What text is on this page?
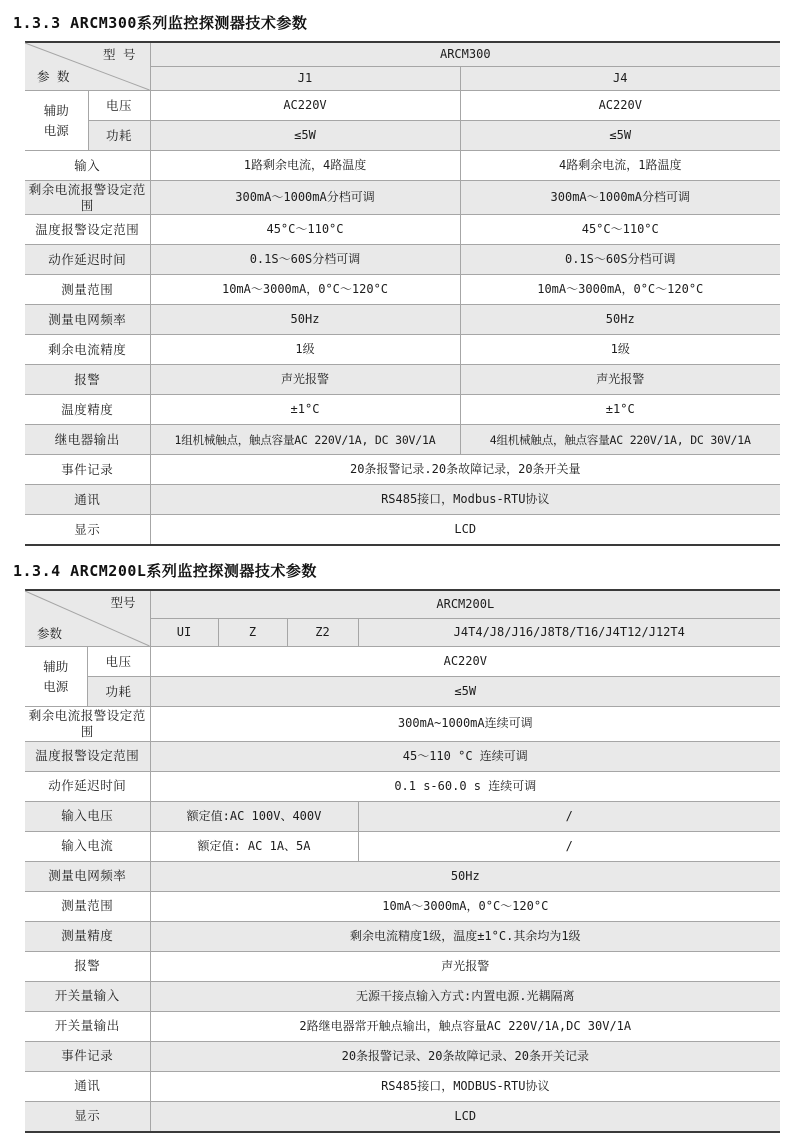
1.3.3 ARCM300系列监控探测器技术参数
型 号
参 数		ARCM300	
		J1	J4

辅助
电源	电压	AC220V	AC220V
	功耗	≤5W	≤5W
输入		1路剩余电流，4路温度	4路剩余电流，1路温度
剩余电流报警设定范围		300mA～1000mA分档可调	300mA～1000mA分档可调
温度报警设定范围		45°C～110°C	45°C～110°C
动作延迟时间		0.1S～60S分档可调	0.1S～60S分档可调
测量范围		10mA～3000mA，0°C～120°C	10mA～3000mA，0°C～120°C
测量电网频率		50Hz	50Hz
剩余电流精度		1级	1级
报警		声光报警	声光报警
温度精度		±1°C	±1°C
继电器输出		1组机械触点，触点容量AC 220V/1A, DC 30V/1A	4组机械触点，触点容量AC 220V/1A, DC 30V/1A
事件记录		20条报警记录.20条故障记录，20条开关量	
通讯		RS485接口，Modbus-RTU协议	
显示		LCD	
1.3.4 ARCM200L系列监控探测器技术参数
型号
参数		ARCM200L			
		UI	Z	Z2	J4T4/J8/J16/J8T8/T16/J4T12/J12T4

辅助
电源	电压	AC220V			
	功耗	≤5W			
剩余电流报警设定范围		300mA~1000mA连续可调			
温度报警设定范围		45～110 °C 连续可调			
动作延迟时间		0.1 s-60.0 s 连续可调			
输入电压		额定值:AC 100V、400V			/
输入电流		额定值: AC 1A、5A			/
测量电网频率		50Hz			
测量范围		10mA～3000mA，0°C～120°C			
测量精度		剩余电流精度1级，温度±1°C.其余均为1级			
报警		声光报警			
开关量输入		无源干接点输入方式:内置电源.光耦隔离			
开关量输出		2路继电器常开触点输出，触点容量AC 220V/1A,DC 30V/1A			
事件记录		20条报警记录、20条故障记录、20条开关记录			
通讯		RS485接口，MODBUS-RTU协议			
显示		LCD			
